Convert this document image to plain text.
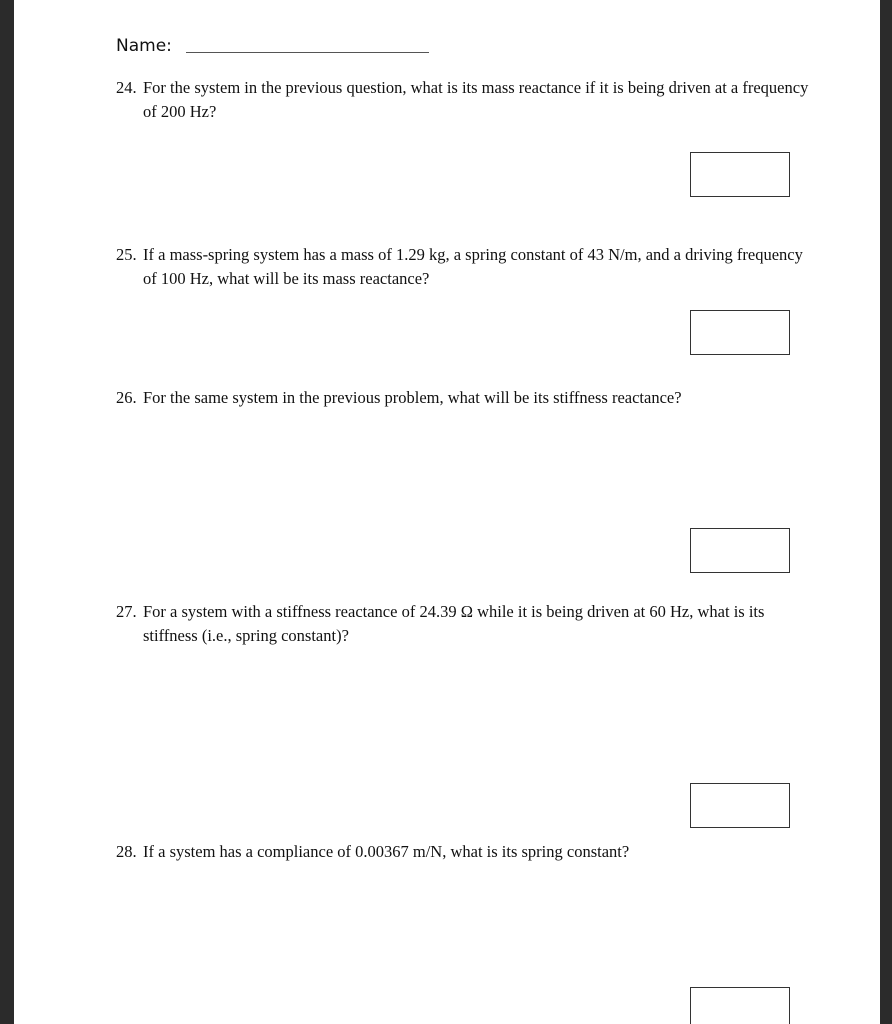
Name:
24. For the system in the previous question, what is its mass reactance if it is being driven at a frequency
of 200 Hz?
25. If a mass-spring system has a mass of 1.29 kg, a spring constant of 43 N/m, and a driving frequency
of 100 Hz, what will be its mass reactance?
26. For the same system in the previous problem, what will be its stiffness reactance?
27. For a system with a stiffness reactance of 24.39 Ω while it is being driven at 60 Hz, what is its
stiffness (i.e., spring constant)?
28. If a system has a compliance of 0.00367 m/N, what is its spring constant?
